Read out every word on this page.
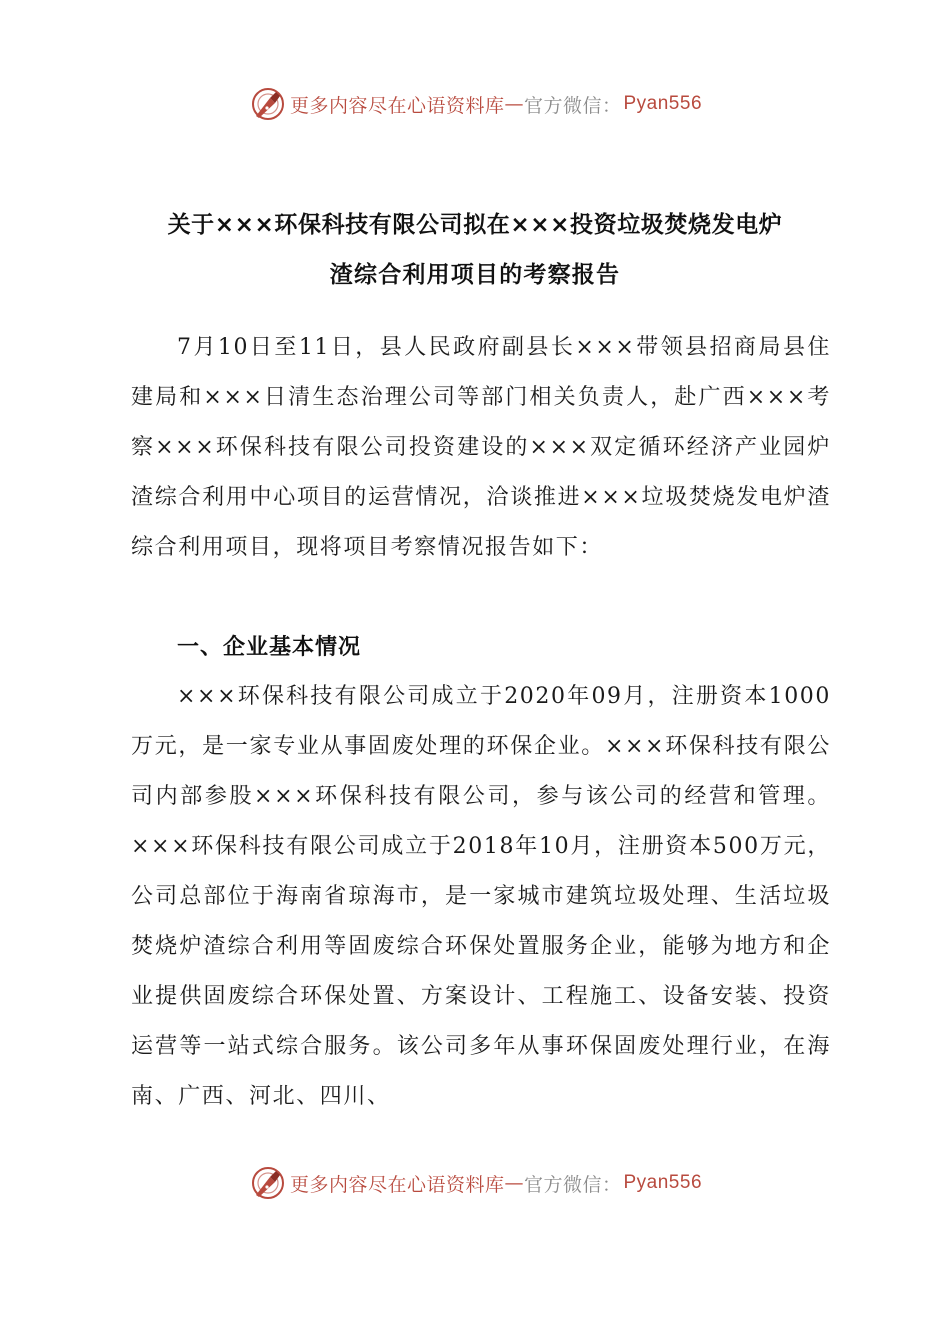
更多内容尽在心语资料库 — 官方微信： Pyan556
关于×××环保科技有限公司拟在×××投资垃圾焚烧发电炉
渣综合利用项目的考察报告
7月10日至11日，县人民政府副县长×××带领县招商局县住建局和×××日清生态治理公司等部门相关负责人，赴广西×××考察×××环保科技有限公司投资建设的×××双定循环经济产业园炉渣综合利用中心项目的运营情况，洽谈推进×××垃圾焚烧发电炉渣综合利用项目，现将项目考察情况报告如下：
一、企业基本情况
×××环保科技有限公司成立于2020年09月，注册资本1000万元，是一家专业从事固废处理的环保企业。×××环保科技有限公司内部参股×××环保科技有限公司，参与该公司的经营和管理。×××环保科技有限公司成立于2018年10月，注册资本500万元，公司总部位于海南省琼海市，是一家城市建筑垃圾处理、生活垃圾焚烧炉渣综合利用等固废综合环保处置服务企业，能够为地方和企业提供固废综合环保处置、方案设计、工程施工、设备安装、投资运营等一站式综合服务。该公司多年从事环保固废处理行业，在海南、广西、河北、四川、
更多内容尽在心语资料库 — 官方微信： Pyan556
